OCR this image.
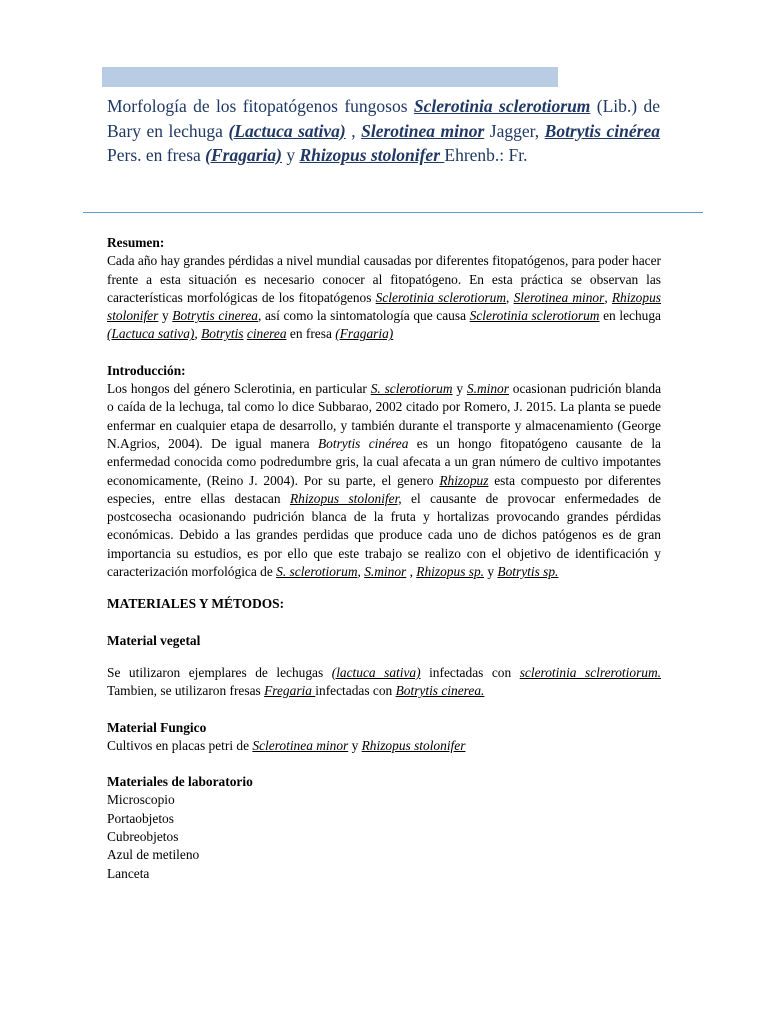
Morfología de los fitopatógenos fungosos Sclerotinia sclerotiorum (Lib.) de Bary en lechuga (Lactuca sativa) , Slerotinea minor Jagger, Botrytis cinérea Pers. en fresa (Fragaria) y Rhizopus stolonifer Ehrenb.: Fr.
Resumen:

Cada año hay grandes pérdidas a nivel mundial causadas por diferentes fitopatógenos, para poder hacer frente a esta situación es necesario conocer al fitopatógeno. En esta práctica se observan las características morfológicas de los fitopatógenos Sclerotinia sclerotiorum, Slerotinea minor, Rhizopus stolonifer y Botrytis cinerea, así como la sintomatología que causa Sclerotinia sclerotiorum en lechuga (Lactuca sativa), Botrytis cinerea en fresa (Fragaria)

Introducción:

Los hongos del género Sclerotinia, en particular S. sclerotiorum y S.minor ocasionan pudrición blanda o caída de la lechuga, tal como lo dice Subbarao, 2002 citado por Romero, J. 2015. La planta se puede enfermar en cualquier etapa de desarrollo, y también durante el transporte y almacenamiento (George N.Agrios, 2004). De igual manera Botrytis cinérea es un hongo fitopatógeno causante de la enfermedad conocida como podredumbre gris, la cual afecata a un gran número de cultivo impotantes economicamente, (Reino J. 2004). Por su parte, el genero Rhizopuz esta compuesto por diferentes especies, entre ellas destacan Rhizopus stolonifer, el causante de provocar enfermedades de postcosecha ocasionando pudrición blanca de la fruta y hortalizas provocando grandes pérdidas económicas. Debido a las grandes perdidas que produce cada uno de dichos patógenos es de gran importancia su estudios, es por ello que este trabajo se realizo con el objetivo de identificación y caracterización morfológica de S. sclerotiorum, S.minor , Rhizopus sp. y Botrytis sp.

MATERIALES Y MÉTODOS:
Material vegetal

Se utilizaron ejemplares de lechugas (lactuca sativa) infectadas con sclerotinia sclrerotiorum. Tambien, se utilizaron fresas Fregaria infectadas con Botrytis cinerea.

Material Fungico

Cultivos en placas petri de Sclerotinea minor y Rhizopus stolonifer

Materiales de laboratorio
Microscopio
Portaobjetos
Cubreobjetos
Azul de metileno
Lanceta
